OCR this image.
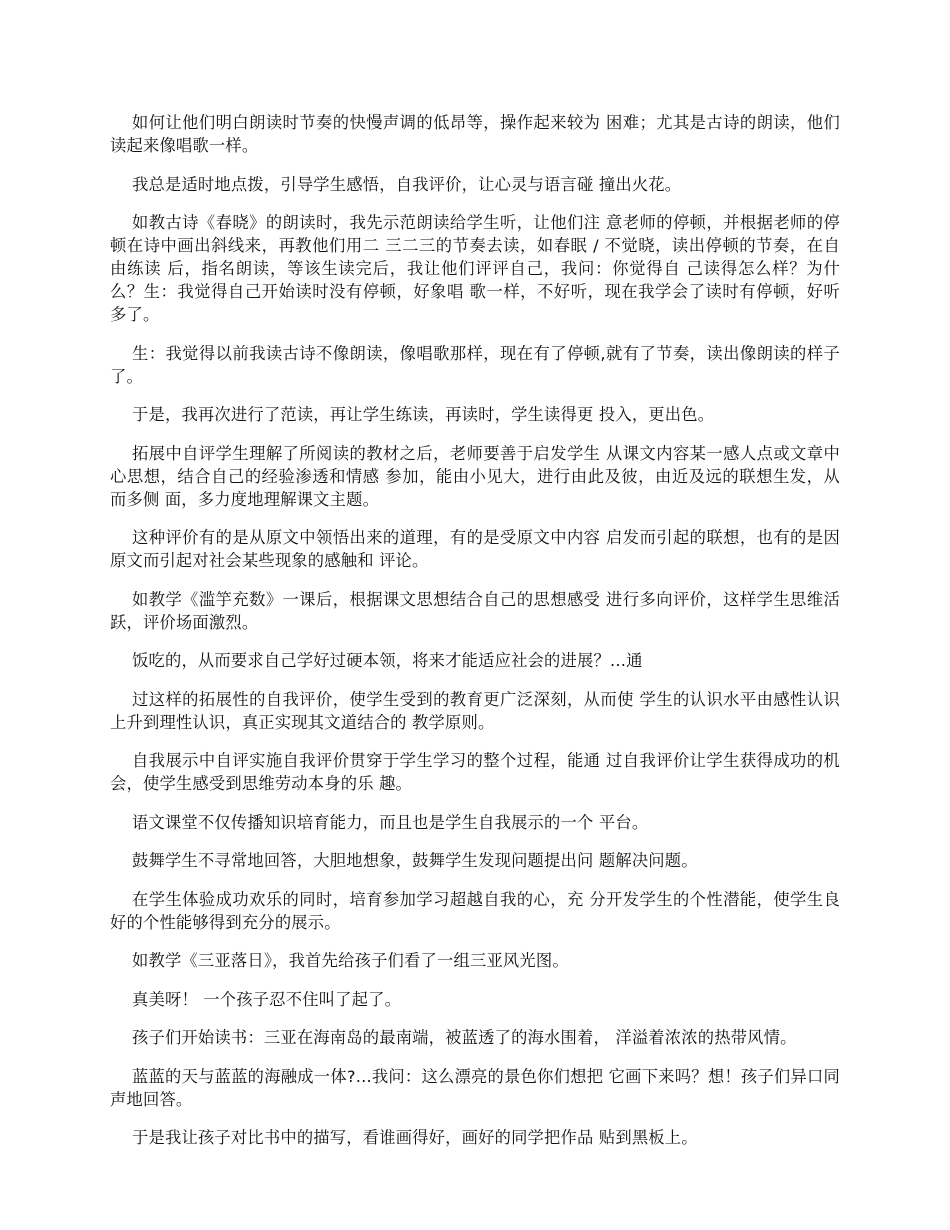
如何让他们明白朗读时节奏的快慢声调的低昂等，操作起来较为 困难；尤其是古诗的朗读，他们读起来像唱歌一样。

我总是适时地点拨，引导学生感悟，自我评价，让心灵与语言碰 撞出火花。

如教古诗《春晓》的朗读时，我先示范朗读给学生听，让他们注 意老师的停顿，并根据老师的停顿在诗中画出斜线来，再教他们用二 三二三的节奏去读，如春眠 / 不觉晓，读出停顿的节奏，在自由练读 后，指名朗读，等该生读完后，我让他们评评自己，我问：你觉得自 己读得怎么样？为什么？生：我觉得自己开始读时没有停顿，好象唱 歌一样，不好听，现在我学会了读时有停顿，好听多了。

生：我觉得以前我读古诗不像朗读，像唱歌那样，现在有了停顿,就有了节奏，读出像朗读的样子了。

于是，我再次进行了范读，再让学生练读，再读时，学生读得更 投入，更出色。

拓展中自评学生理解了所阅读的教材之后，老师要善于启发学生 从课文内容某一感人点或文章中心思想，结合自己的经验渗透和情感 参加，能由小见大，进行由此及彼，由近及远的联想生发，从而多侧 面，多力度地理解课文主题。

这种评价有的是从原文中领悟出来的道理，有的是受原文中内容 启发而引起的联想，也有的是因原文而引起对社会某些现象的感触和 评论。

如教学《滥竽充数》一课后，根据课文思想结合自己的思想感受 进行多向评价，这样学生思维活跃，评价场面激烈。

饭吃的，从而要求自己学好过硬本领，将来才能适应社会的进展？...通

过这样的拓展性的自我评价，使学生受到的教育更广泛深刻，从而使 学生的认识水平由感性认识上升到理性认识，真正实现其文道结合的 教学原则。

自我展示中自评实施自我评价贯穿于学生学习的整个过程，能通 过自我评价让学生获得成功的机会，使学生感受到思维劳动本身的乐 趣。

语文课堂不仅传播知识培育能力，而且也是学生自我展示的一个 平台。

鼓舞学生不寻常地回答，大胆地想象，鼓舞学生发现问题提出问 题解决问题。

在学生体验成功欢乐的同时，培育参加学习超越自我的心，充 分开发学生的个性潜能，使学生良好的个性能够得到充分的展示。

如教学《三亚落日》，我首先给孩子们看了一组三亚风光图。

真美呀！ 一个孩子忍不住叫了起了。

孩子们开始读书：三亚在海南岛的最南端，被蓝透了的海水围着， 洋溢着浓浓的热带风情。

蓝蓝的天与蓝蓝的海融成一体?...我问：这么漂亮的景色你们想把 它画下来吗？想！孩子们异口同声地回答。

于是我让孩子对比书中的描写，看谁画得好，画好的同学把作品 贴到黑板上。
